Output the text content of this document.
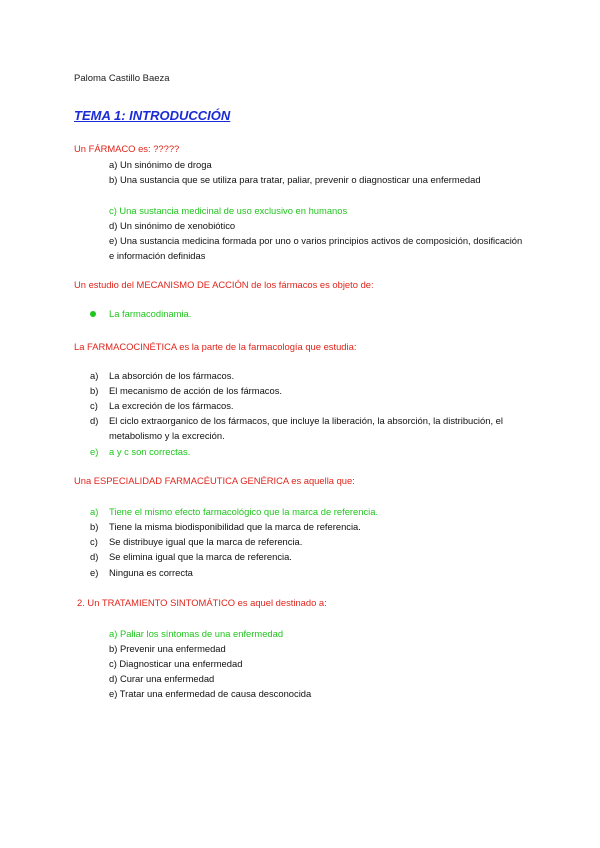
Paloma Castillo Baeza
TEMA 1: INTRODUCCIÓN
Un FÁRMACO es: ?????
a) Un sinónimo de droga
b) Una sustancia que se utiliza para tratar, paliar, prevenir o diagnosticar una enfermedad
c) Una sustancia medicinal de uso exclusivo en humanos
d) Un sinónimo de xenobiótico
e) Una sustancia medicina formada por uno o varios principios activos de composición, dosificación e información definidas
Un estudio del MECANISMO DE ACCIÓN de los fármacos es objeto de:
La farmacodinamia.
La FARMACOCINÉTICA es la parte de la farmacología que estudia:
a) La absorción de los fármacos.
b) El mecanismo de acción de los fármacos.
c) La excreción de los fármacos.
d) El ciclo extraorganico de los fármacos, que incluye la liberación, la absorción, la distribución, el metabolismo y la excreción.
e) a y c son correctas.
Una ESPECIALIDAD FARMACÉUTICA GENÉRICA es aquella que:
a) Tiene el mismo efecto farmacológico que la marca de referencia.
b) Tiene la misma biodisponibilidad que la marca de referencia.
c) Se distribuye igual que la marca de referencia.
d) Se elimina igual que la marca de referencia.
e) Ninguna es correcta
2. Un TRATAMIENTO SINTOMÁTICO es aquel destinado a:
a) Paliar los síntomas de una enfermedad
b) Prevenir una enfermedad
c) Diagnosticar una enfermedad
d) Curar una enfermedad
e) Tratar una enfermedad de causa desconocida
